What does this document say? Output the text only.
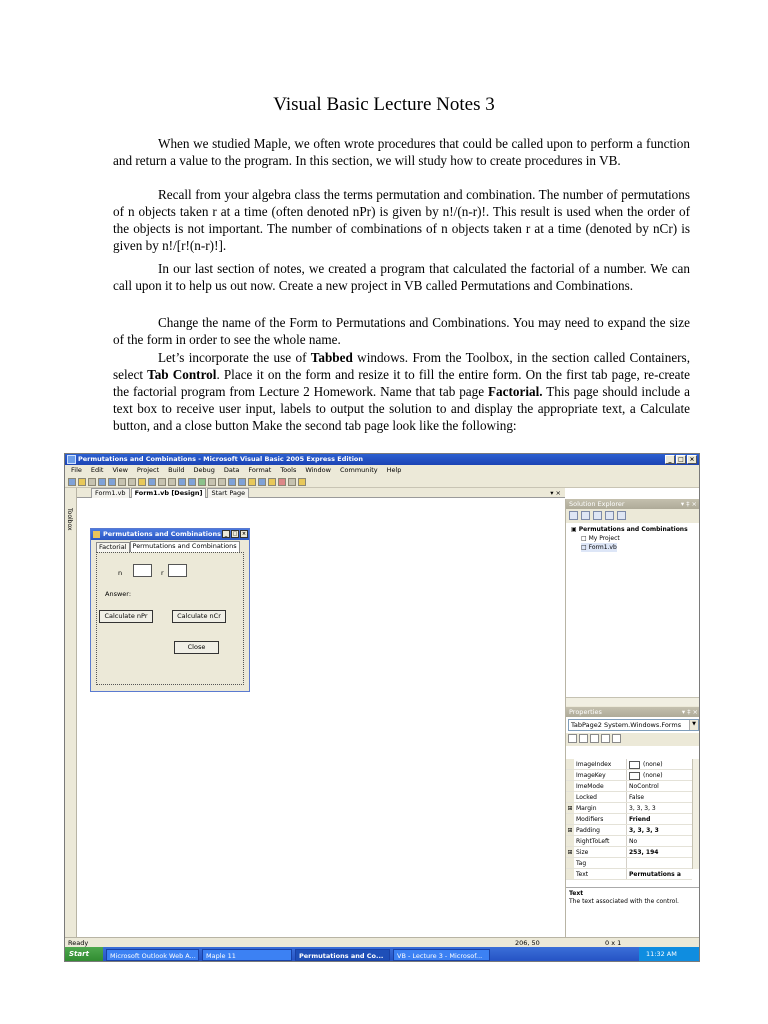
Visual Basic Lecture Notes 3

When we studied Maple, we often wrote procedures that could be called upon to perform a function and return a value to the program. In this section, we will study how to create procedures in VB.

Recall from your algebra class the terms permutation and combination. The number of permutations of n objects taken r at a time (often denoted nPr) is given by n!/(n-r)!. This result is used when the order of the objects is not important. The number of combinations of n objects taken r at a time (denoted by nCr) is given by n!/[r!(n-r)!].

In our last section of notes, we created a program that calculated the factorial of a number. We can call upon it to help us out now. Create a new project in VB called Permutations and Combinations.

Change the name of the Form to Permutations and Combinations. You may need to expand the size of the form in order to see the whole name.

Let’s incorporate the use of Tabbed windows. From the Toolbox, in the section called Containers, select Tab Control. Place it on the form and resize it to fill the entire form. On the first tab page, re-create the factorial program from Lecture 2 Homework. Name that tab page Factorial. This page should include a text box to receive user input, labels to output the solution to and display the appropriate text, a Calculate button, and a close button Make the second tab page look like the following:

Permutations and Combinations - Microsoft Visual Basic 2005 Express Edition	_	□ ×
File Edit View Project Build Debug Data Format Tools Window Community Help
Toolbox
Form1.vb	Form1.vb [Design]	Start Page	▾ ×
Permutations and Combinations _	□ ×
Factorial Permutations and Combinations
n	r
Answer:
Calculate nPr	Calculate nCr
Close
Solution Explorer	▾ ‡ ×
▣ Permutations and Combinations
□ My Project
□ Form1.vb
Properties	▾ ‡ ×
TabPage2 System.Windows.Forms	▼
ImageIndex	(none)
ImageKey	(none)
ImeMode	NoControl
Locked	False
⊞ Margin	3, 3, 3, 3
Modifiers	Friend
⊞ Padding	3, 3, 3, 3
RightToLeft	No
⊞ Size	253, 194
Tag
Text	Permutations a
Text
The text associated with the control.
Ready	206, 50	0 x 1
Start	Microsoft Outlook Web A...	Maple 11	Permutations and Co...	VB - Lecture 3 - Microsof...	11:32 AM
